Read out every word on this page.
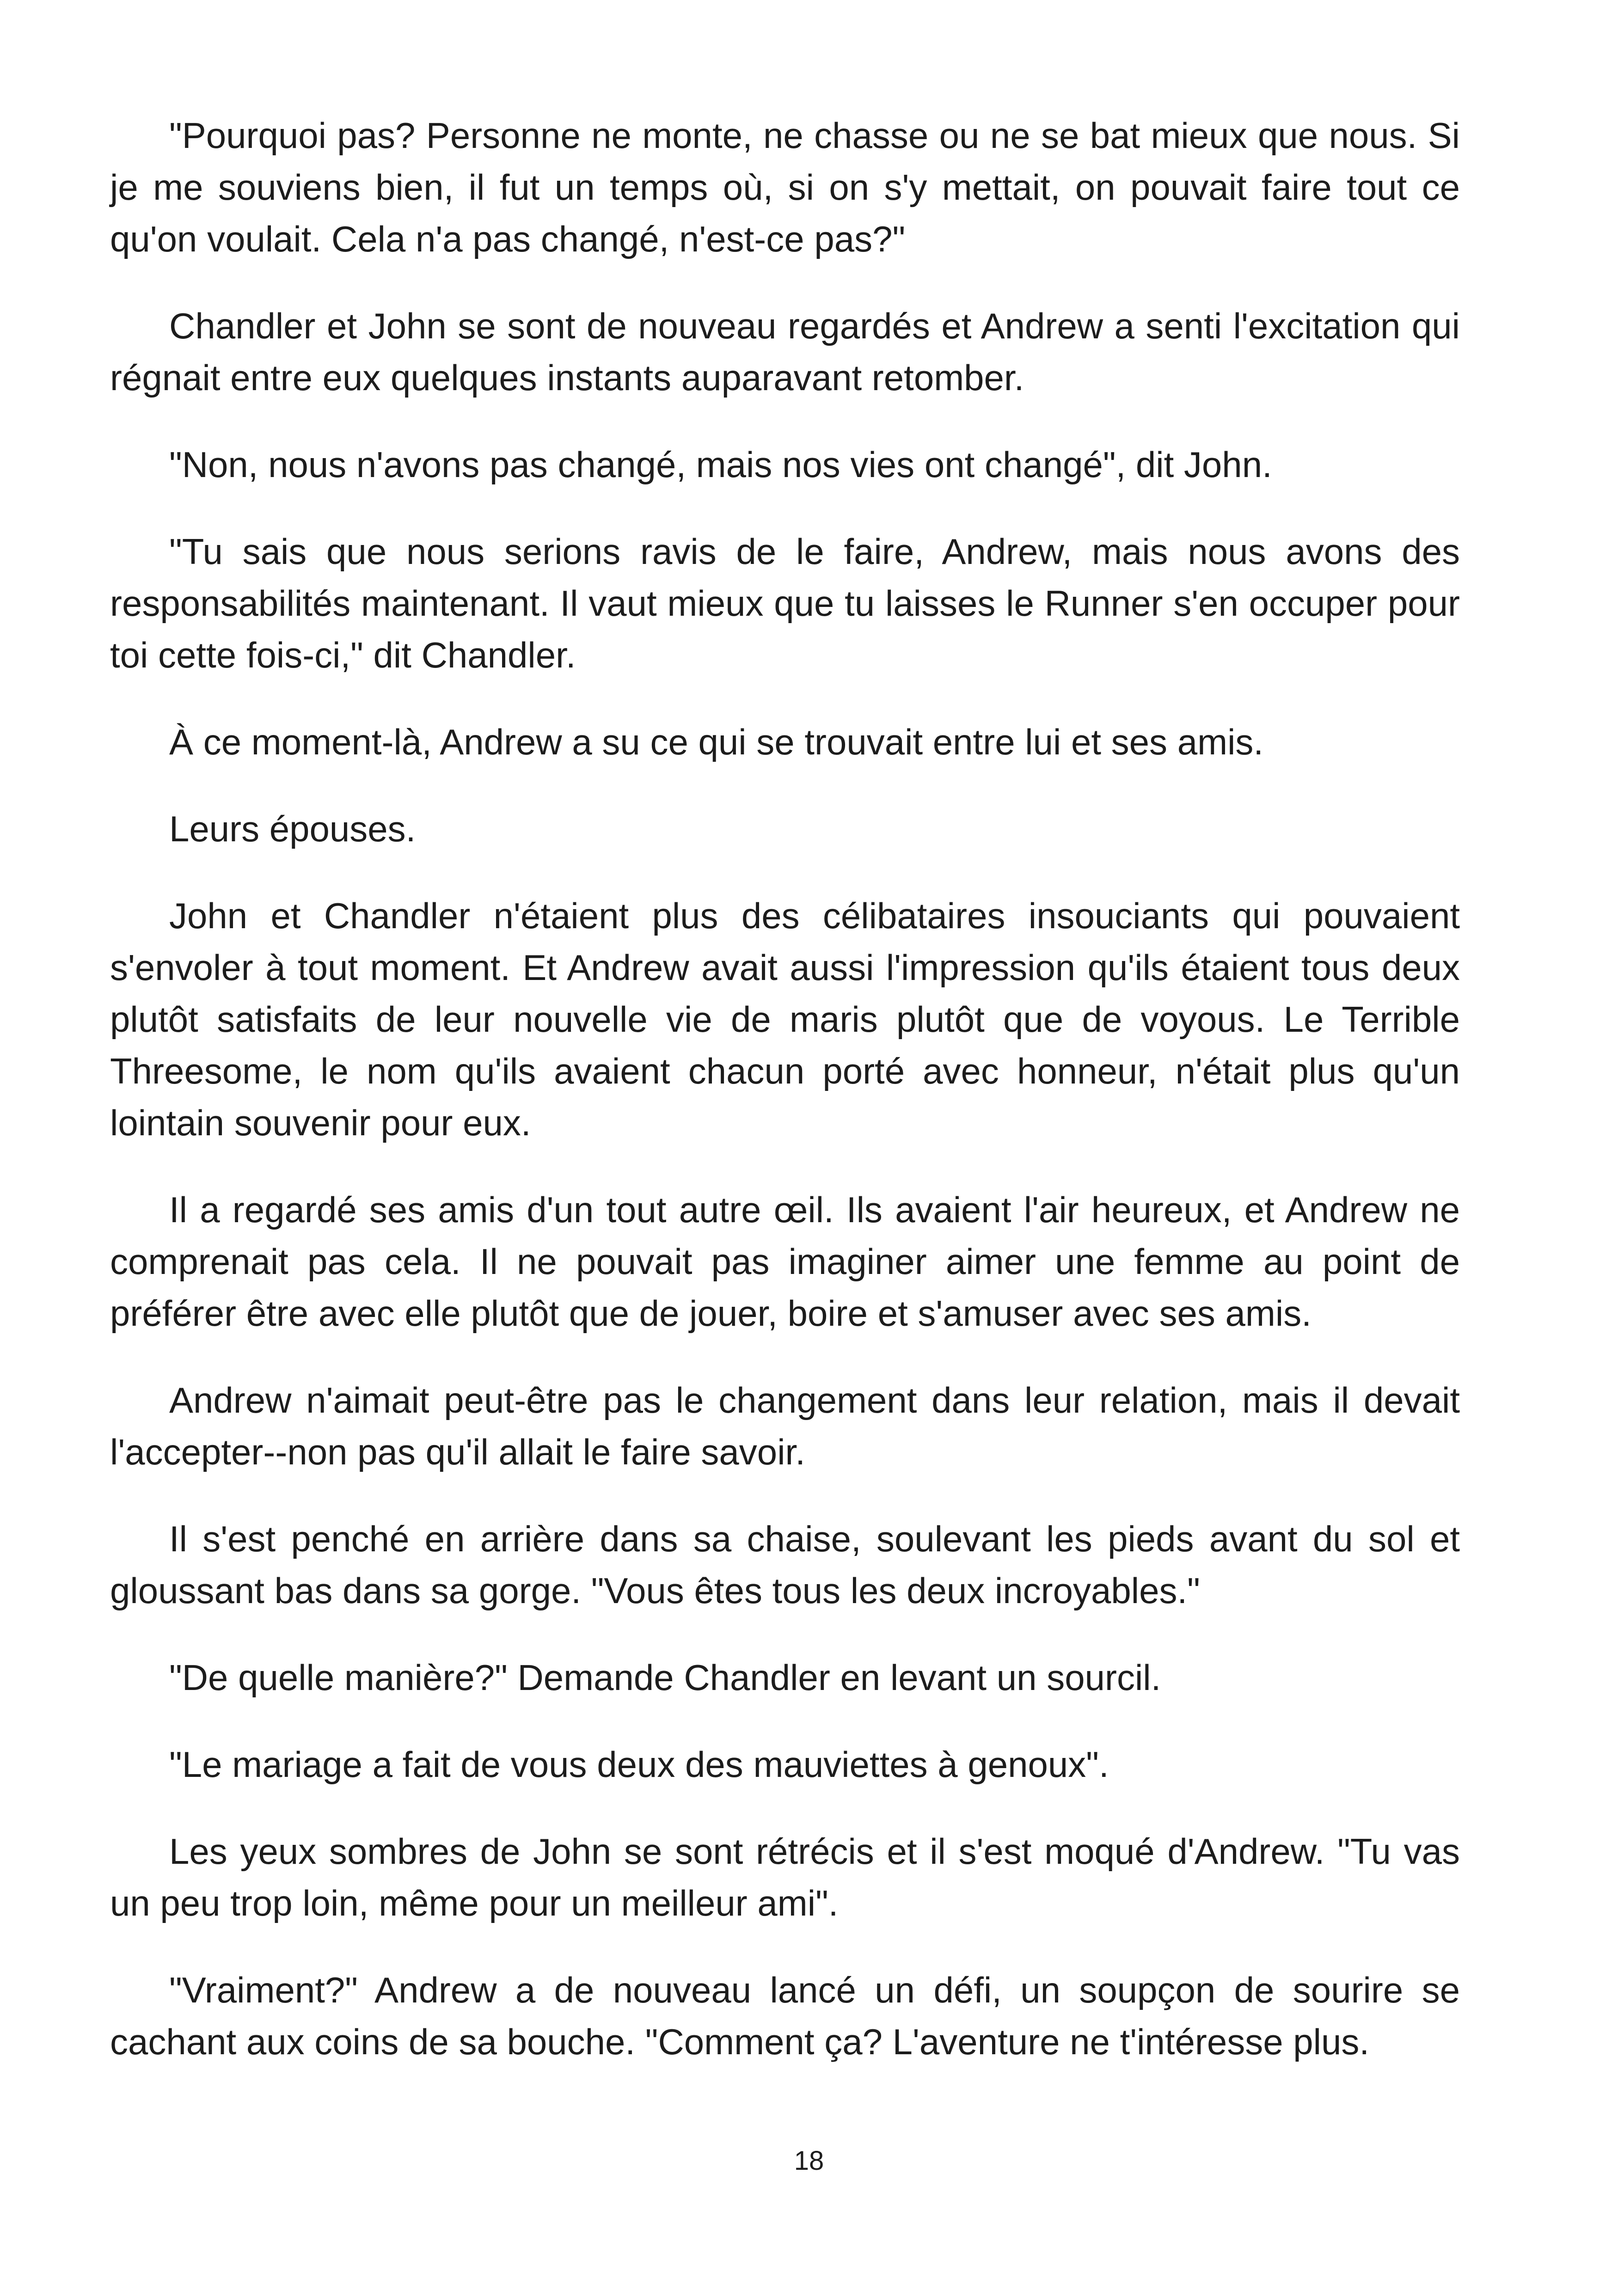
"Pourquoi pas? Personne ne monte, ne chasse ou ne se bat mieux que nous. Si je me souviens bien, il fut un temps où, si on s'y mettait, on pouvait faire tout ce qu'on voulait. Cela n'a pas changé, n'est-ce pas?"

Chandler et John se sont de nouveau regardés et Andrew a senti l'excitation qui régnait entre eux quelques instants auparavant retomber.

"Non, nous n'avons pas changé, mais nos vies ont changé", dit John.

"Tu sais que nous serions ravis de le faire, Andrew, mais nous avons des responsabilités maintenant. Il vaut mieux que tu laisses le Runner s'en occuper pour toi cette fois-ci," dit Chandler.

À ce moment-là, Andrew a su ce qui se trouvait entre lui et ses amis.

Leurs épouses.

John et Chandler n'étaient plus des célibataires insouciants qui pouvaient s'envoler à tout moment. Et Andrew avait aussi l'impression qu'ils étaient tous deux plutôt satisfaits de leur nouvelle vie de maris plutôt que de voyous. Le Terrible Threesome, le nom qu'ils avaient chacun porté avec honneur, n'était plus qu'un lointain souvenir pour eux.

Il a regardé ses amis d'un tout autre œil. Ils avaient l'air heureux, et Andrew ne comprenait pas cela. Il ne pouvait pas imaginer aimer une femme au point de préférer être avec elle plutôt que de jouer, boire et s'amuser avec ses amis.

Andrew n'aimait peut-être pas le changement dans leur relation, mais il devait l'accepter--non pas qu'il allait le faire savoir.

Il s'est penché en arrière dans sa chaise, soulevant les pieds avant du sol et gloussant bas dans sa gorge. "Vous êtes tous les deux incroyables."

"De quelle manière?" Demande Chandler en levant un sourcil.

"Le mariage a fait de vous deux des mauviettes à genoux".

Les yeux sombres de John se sont rétrécis et il s'est moqué d'Andrew. "Tu vas un peu trop loin, même pour un meilleur ami".

"Vraiment?" Andrew a de nouveau lancé un défi, un soupçon de sourire se cachant aux coins de sa bouche. "Comment ça? L'aventure ne t'intéresse plus.

18
